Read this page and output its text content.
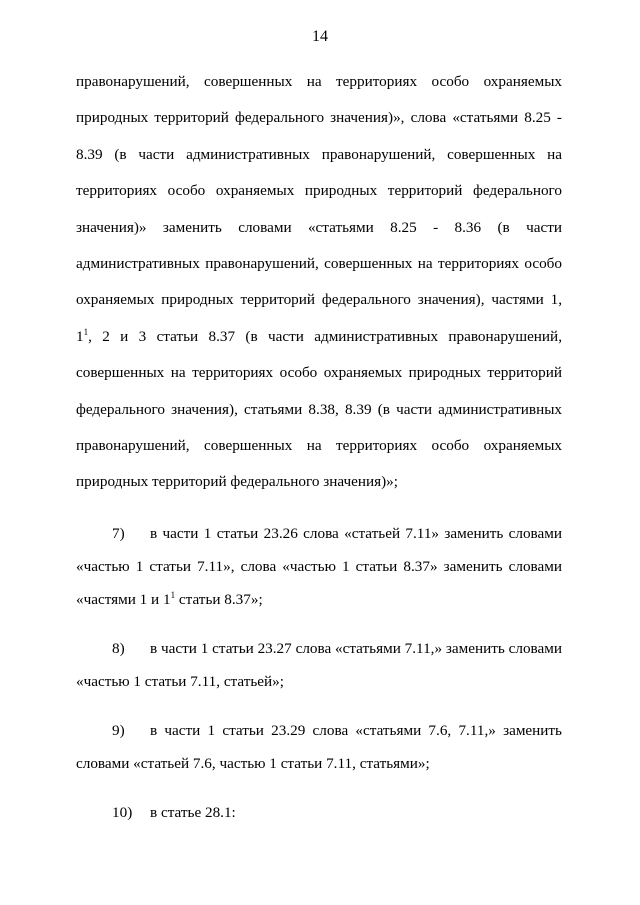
14

правонарушений, совершенных на территориях особо охраняемых природных территорий федерального значения)», слова «статьями 8.25 - 8.39 (в части административных правонарушений, совершенных на территориях особо охраняемых природных территорий федерального значения)» заменить словами «статьями 8.25 - 8.36 (в части административных правонарушений, совершенных на территориях особо охраняемых природных территорий федерального значения), частями 1, $1^1$, 2 и 3 статьи 8.37 (в части административных правонарушений, совершенных на территориях особо охраняемых природных территорий федерального значения), статьями 8.38, 8.39 (в части административных правонарушений, совершенных на территориях особо охраняемых природных территорий федерального значения)»;

7) в части 1 статьи 23.26 слова «статьей 7.11» заменить словами «частью 1 статьи 7.11», слова «частью 1 статьи 8.37» заменить словами «частями 1 и $1^1$ статьи 8.37»;

8) в части 1 статьи 23.27 слова «статьями 7.11,» заменить словами «частью 1 статьи 7.11, статьей»;

9) в части 1 статьи 23.29 слова «статьями 7.6, 7.11,» заменить словами «статьей 7.6, частью 1 статьи 7.11, статьями»;

10) в статье 28.1:
